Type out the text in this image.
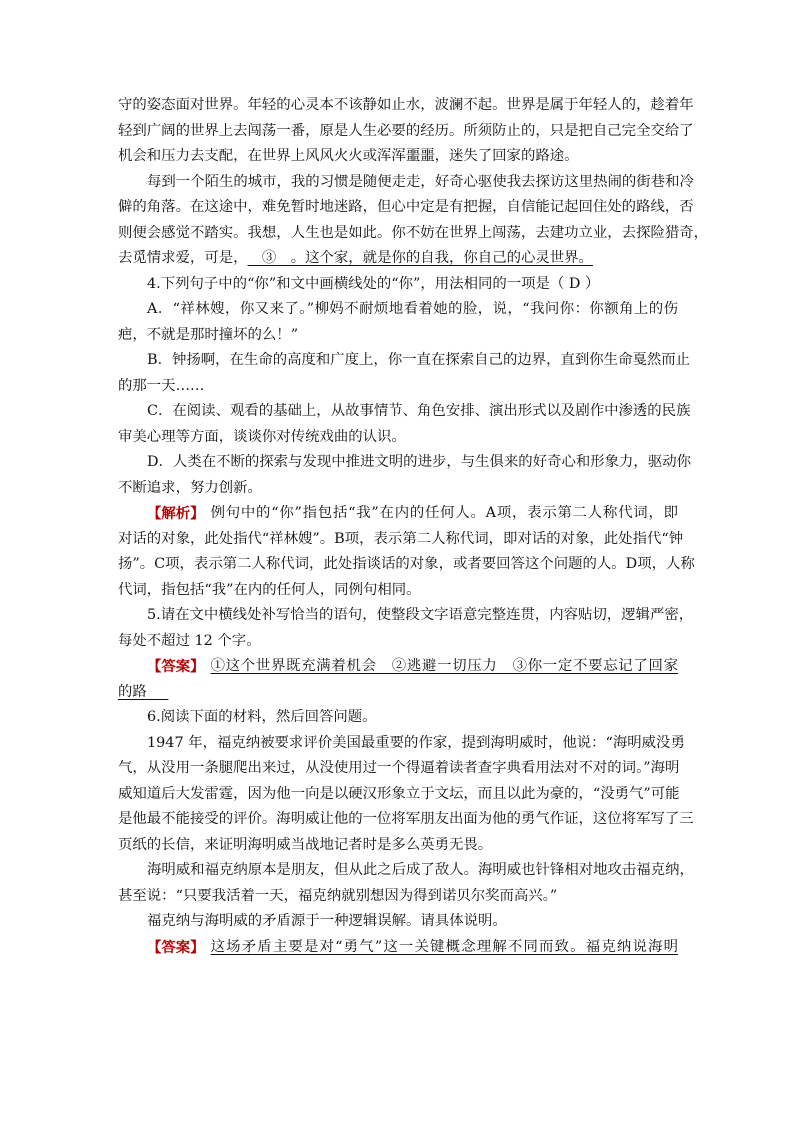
守的姿态面对世界。年轻的心灵本不该静如止水，波澜不起。世界是属于年轻人的，趁着年
轻到广阔的世界上去闯荡一番，原是人生必要的经历。所须防止的，只是把自己完全交给了
机会和压力去支配，在世界上风风火火或浑浑噩噩，迷失了回家的路途。
每到一个陌生的城市，我的习惯是随便走走，好奇心驱使我去探访这里热闹的街巷和冷
僻的角落。在这途中，难免暂时地迷路，但心中定是有把握，自信能记起回住处的路线，否
则便会感觉不踏实。我想，人生也是如此。你不妨在世界上闯荡，去建功立业，去探险猎奇，
去觅情求爱，可是，   ③   。这个家，就是你的自我，你自己的心灵世界。
4.下列句子中的“你”和文中画横线处的“你”，用法相同的一项是（ D ）
A．“祥林嫂，你又来了。”柳妈不耐烦地看着她的脸，说，“我问你：你额角上的伤
疤，不就是那时撞坏的么！”
B．钟扬啊，在生命的高度和广度上，你一直在探索自己的边界，直到你生命戛然而止
的那一天……
C．在阅读、观看的基础上，从故事情节、角色安排、演出形式以及剧作中渗透的民族
审美心理等方面，谈谈你对传统戏曲的认识。
D．人类在不断的探索与发现中推进文明的进步，与生俱来的好奇心和形象力，驱动你
不断追求，努力创新。
【解析】 例句中的“你”指包括“我”在内的任何人。A项，表示第二人称代词，即
对话的对象，此处指代“祥林嫂”。B项，表示第二人称代词，即对话的对象，此处指代“钟
扬”。C项，表示第二人称代词，此处指谈话的对象，或者要回答这个问题的人。D项，人称
代词，指包括“我”在内的任何人，同例句相同。
5.请在文中横线处补写恰当的语句，使整段文字语意完整连贯，内容贴切，逻辑严密，
每处不超过 12 个字。
【答案】 ①这个世界既充满着机会　②逃避一切压力　③你一定不要忘记了回家
的路   
6.阅读下面的材料，然后回答问题。
1947 年，福克纳被要求评价美国最重要的作家，提到海明威时，他说：“海明威没勇
气，从没用一条腿爬出来过，从没使用过一个得逼着读者查字典看用法对不对的词。”海明
威知道后大发雷霆，因为他一向是以硬汉形象立于文坛，而且以此为豪的，“没勇气”可能
是他最不能接受的评价。海明威让他的一位将军朋友出面为他的勇气作证，这位将军写了三
页纸的长信，来证明海明威当战地记者时是多么英勇无畏。
海明威和福克纳原本是朋友，但从此之后成了敌人。海明威也针锋相对地攻击福克纳，
甚至说：“只要我活着一天，福克纳就别想因为得到诺贝尔奖而高兴。”
福克纳与海明威的矛盾源于一种逻辑误解。请具体说明。
【答案】 这场矛盾主要是对“勇气”这一关键概念理解不同而致。福克纳说海明
